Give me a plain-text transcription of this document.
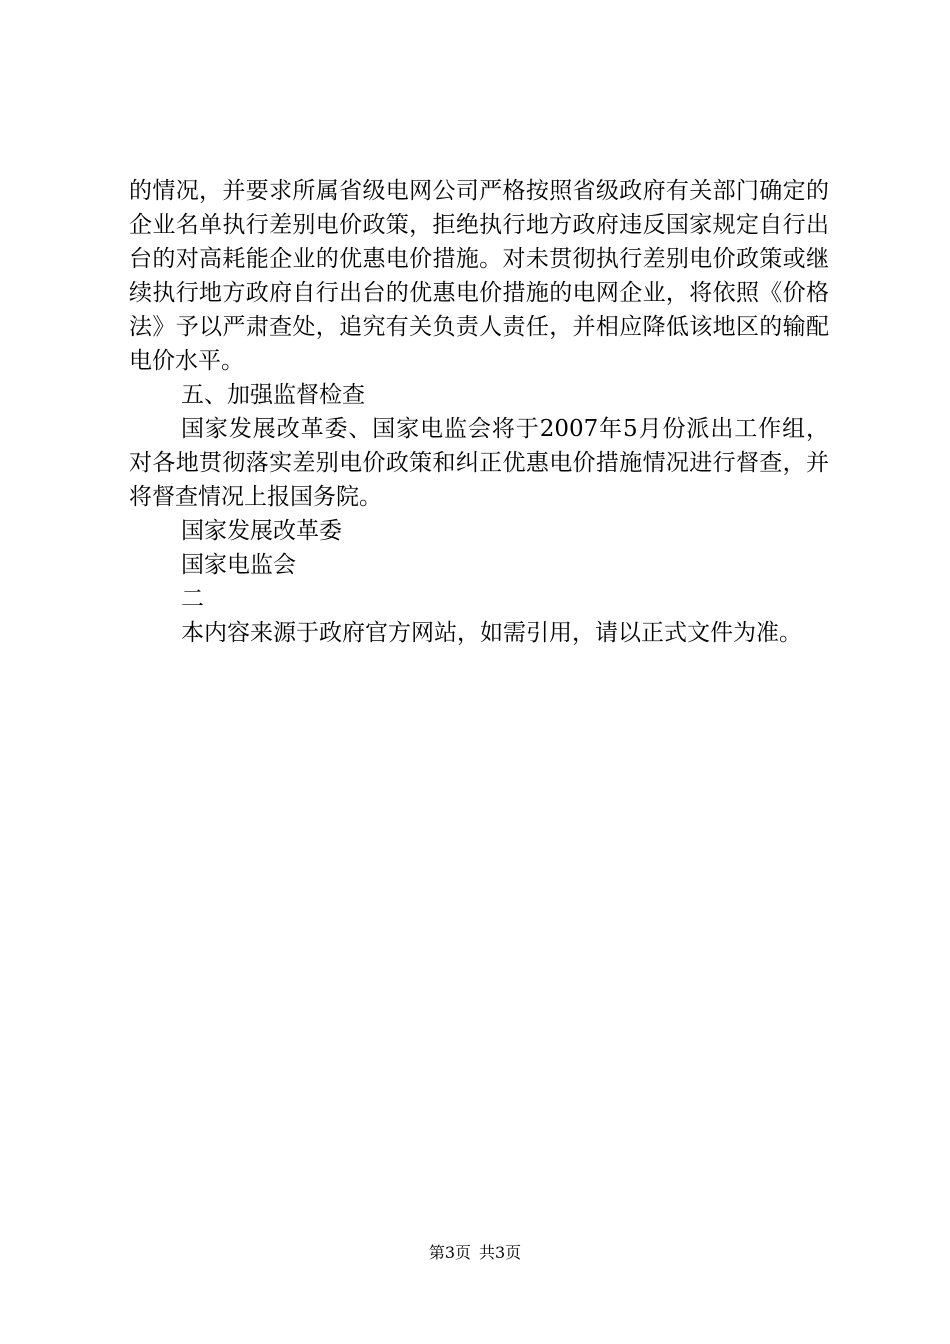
的情况，并要求所属省级电网公司严格按照省级政府有关部门确定的企业名单执行差别电价政策，拒绝执行地方政府违反国家规定自行出台的对高耗能企业的优惠电价措施。对未贯彻执行差别电价政策或继续执行地方政府自行出台的优惠电价措施的电网企业，将依照《价格法》予以严肃查处，追究有关负责人责任，并相应降低该地区的输配电价水平。

五、加强监督检查

国家发展改革委、国家电监会将于2007年5月份派出工作组，对各地贯彻落实差别电价政策和纠正优惠电价措施情况进行督查，并将督查情况上报国务院。

国家发展改革委

国家电监会

二

本内容来源于政府官方网站，如需引用，请以正式文件为准。

第3页 共3页
